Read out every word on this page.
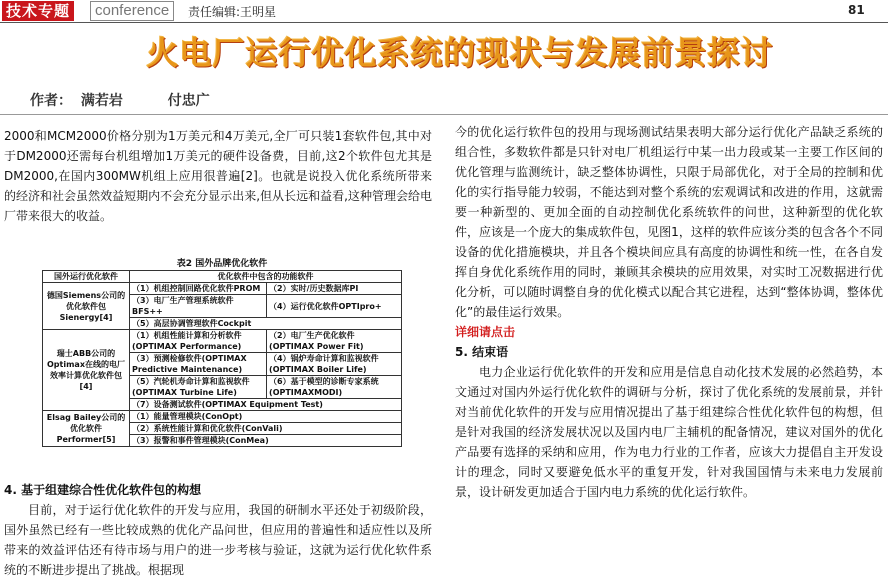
技术专题	conference	责任编辑:王明星	81
火电厂运行优化系统的现状与发展前景探讨
作者： 满若岩	付忠广

2000和MCM2000价格分别为1万美元和4万美元,全厂可只装1套软件包,其中对于DM2000还需每台机组增加1万美元的硬件设备费，目前,这2个软件包尤其是DM2000,在国内300MW机组上应用很普遍[2]。也就是说投入优化系统所带来的经济和社会虽然效益短期内不会充分显示出来,但从长远和益看,这种管理会给电厂带来很大的收益。

表2 国外品牌优化软件
国外运行优化软件	优化软件中包含的功能软件	
德国Siemens公司的优化软件包Sienergy[4]	（1）机组控制回路优化软件PROM	（2）实时/历史数据库PI
	（3）电厂生产管理系统软件BFS++	（4）运行优化软件OPTIpro+
	（5）高层协调管理软件Cockpit	
瑞士ABB公司的Optimax在线的电厂效率计算优化软件包[4]	（1）机组性能计算和分析软件(OPTIMAX Performance)	（2）电厂生产优化软件(OPTIMAX Power Fit)
	（3）预测检修软件(OPTIMAX Predictive Maintenance)	（4）锅炉寿命计算和监视软件(OPTIMAX Boiler Life)
	（5）汽轮机寿命计算和监视软件(OPTIMAX Turbine Life)	（6）基于模型的诊断专家系统(OPTIMAXMODI)
	（7）设备测试软件(OPTIMAX Equipment Test)	
Elsag Bailey公司的优化软件Performer[5]	（1）能量管理模块(ConOpt)	
	（2）系统性能计算和优化软件(ConVali)	
	（3）报警和事件管理模块(ConMea)	

4. 基于组建综合性优化软件包的构想

目前，对于运行优化软件的开发与应用，我国的研制水平还处于初级阶段，国外虽然已经有一些比较成熟的优化产品问世，但应用的普遍性和适应性以及所带来的效益评估还有待市场与用户的进一步考核与验证，这就为运行优化软件系统的不断进步提出了挑战。根据现

今的优化运行软件包的投用与现场测试结果表明大部分运行优化产品缺乏系统的组合性，多数软件都是只针对电厂机组运行中某一出力段或某一主要工作区间的优化管理与监测统计，缺乏整体协调性，只限于局部优化，对于全局的控制和优化的实行指导能力较弱，不能达到对整个系统的宏观调试和改进的作用，这就需要一种新型的、更加全面的自动控制优化系统软件的问世，这种新型的优化软件，应该是一个庞大的集成软件包，见图1，这样的软件应该分类的包含各个不同设备的优化措施模块，并且各个模块间应具有高度的协调性和统一性，在各自发挥自身优化系统作用的同时，兼顾其余模块的应用效果，对实时工况数据进行优化分析，可以随时调整自身的优化模式以配合其它进程，达到“整体协调，整体优化”的最佳运行效果。

详细请点击

5. 结束语

电力企业运行优化软件的开发和应用是信息自动化技术发展的必然趋势，本文通过对国内外运行优化软件的调研与分析，探讨了优化系统的发展前景，并针对当前优化软件的开发与应用情况提出了基于组建综合性优化软件包的构想，但是针对我国的经济发展状况以及国内电厂主辅机的配备情况，建议对国外的优化产品要有选择的采纳和应用，作为电力行业的工作者，应该大力提倡自主开发设计的理念，同时又要避免低水平的重复开发，针对我国国情与未来电力发展前景，设计研发更加适合于国内电力系统的优化运行软件。
